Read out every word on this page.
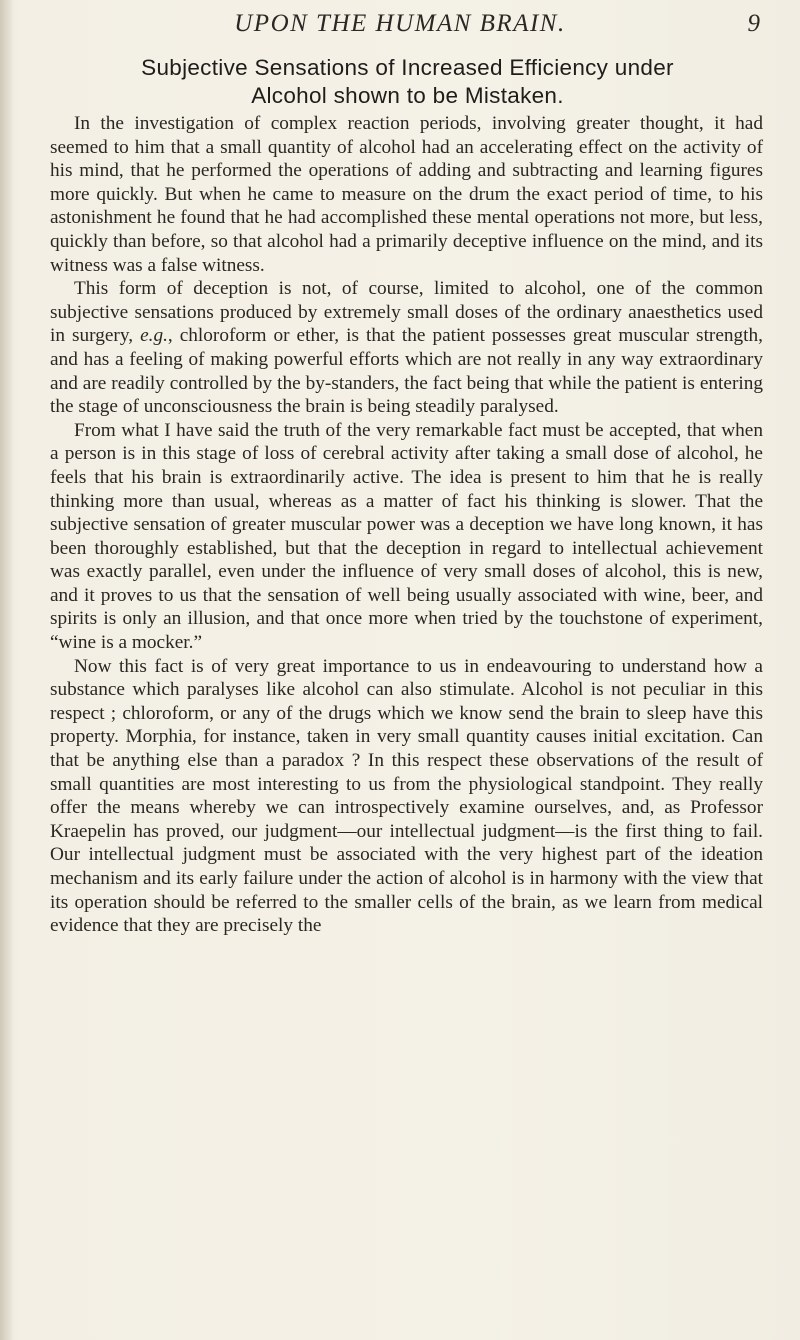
UPON THE HUMAN BRAIN.	9
Subjective Sensations of Increased Efficiency under
Alcohol shown to be Mistaken.

In the investigation of complex reaction periods, involving greater thought, it had seemed to him that a small quantity of alcohol had an accelerating effect on the activity of his mind, that he performed the operations of adding and subtracting and learning figures more quickly. But when he came to measure on the drum the exact period of time, to his astonishment he found that he had accomplished these mental operations not more, but less, quickly than before, so that alcohol had a primarily deceptive influence on the mind, and its witness was a false witness.

This form of deception is not, of course, limited to alcohol, one of the common subjective sensations produced by extremely small doses of the ordinary anaesthetics used in surgery, e.g., chloroform or ether, is that the patient possesses great muscular strength, and has a feeling of making powerful efforts which are not really in any way extraordinary and are readily controlled by the by-standers, the fact being that while the patient is entering the stage of unconsciousness the brain is being steadily paralysed.

From what I have said the truth of the very remarkable fact must be accepted, that when a person is in this stage of loss of cerebral activity after taking a small dose of alcohol, he feels that his brain is extraordinarily active. The idea is present to him that he is really thinking more than usual, whereas as a matter of fact his thinking is slower. That the subjective sensation of greater muscular power was a deception we have long known, it has been thoroughly established, but that the deception in regard to intellectual achievement was exactly parallel, even under the influence of very small doses of alcohol, this is new, and it proves to us that the sensation of well being usually associated with wine, beer, and spirits is only an illusion, and that once more when tried by the touchstone of experiment, “wine is a mocker.”

Now this fact is of very great importance to us in endeavouring to understand how a substance which paralyses like alcohol can also stimulate. Alcohol is not peculiar in this respect ; chloroform, or any of the drugs which we know send the brain to sleep have this property. Morphia, for instance, taken in very small quantity causes initial excitation. Can that be anything else than a paradox ? In this respect these observations of the result of small quantities are most interesting to us from the physiological standpoint. They really offer the means whereby we can introspectively examine ourselves, and, as Professor Kraepelin has proved, our judgment—our intellectual judgment—is the first thing to fail. Our intellectual judgment must be associated with the very highest part of the ideation mechanism and its early failure under the action of alcohol is in harmony with the view that its operation should be referred to the smaller cells of the brain, as we learn from medical evidence that they are precisely the
